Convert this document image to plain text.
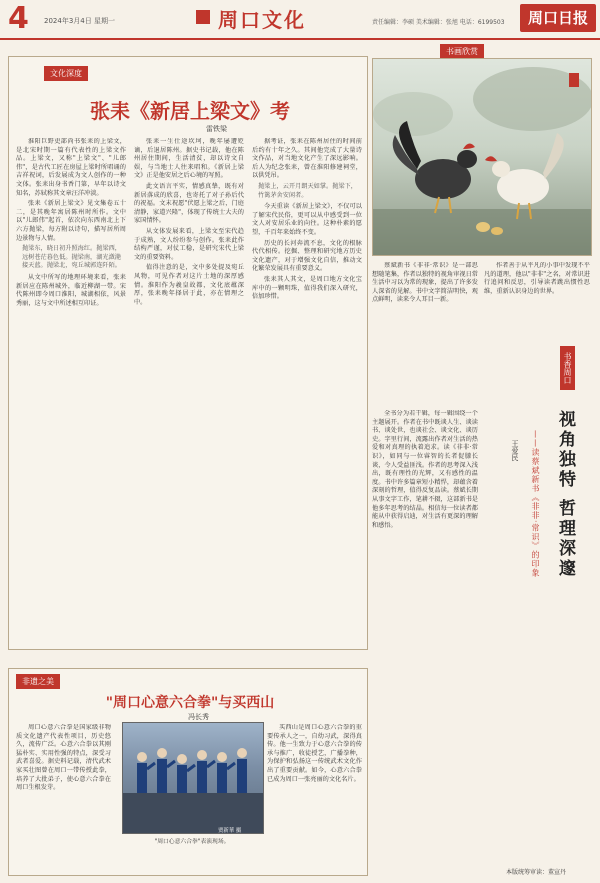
4 2024年3月4日 星期一	周口文化	责任编辑：李硕 美术编辑：张旭 电话：6199503	周口日报
文化深度
张耒《新居上梁文》考
雷铁梁

淮阳巨野吏部尚书张耒的上梁文，是北宋时期一篇有代表性的上梁文作品。上梁文，又称"上梁文"、"儿郎伟"，是古代工匠在房屋上梁时所唱诵的吉祥祝词，后发展成为文人创作的一种文体。张耒出身书香门第，早年以诗文知名，苏轼称其文章汪洋冲淡。

张耒《新居上梁文》见文集卷五十二，是其晚年寓居陈州时所作。文中以"儿郎伟"起首，依次向东西南北上下六方抛梁，每方附以诗句，描写居所周边景物与人情。

抛梁东，晓日初升照海红。抛梁西，远树苍茫暮色低。抛梁南，湖光潋滟接天蓝。抛梁北，宛丘城郭连阡陌。

从文中所写的地理环境来看，张耒新居应在陈州城外，临近柳湖一带。宋代陈州即今周口淮阳，城湖相依，风景秀丽，这与文中所述相互印证。

张耒一生仕途坎坷，晚年屡遭贬谪，后退居陈州。据史书记载，他在陈州居住期间，生活清贫，却以诗文自娱，与当地士人往来唱和。《新居上梁文》正是他安居之后心境的写照。

此文语言平实，情感真挚，既有对新居落成的欣喜，也寄托了对子孙后代的祝福。文末祝愿"伏愿上梁之后，门庭清静，家道兴隆"，体现了传统士大夫的家国情怀。

从文体发展来看，上梁文至宋代趋于成熟，文人纷纷参与创作。张耒此作结构严谨，对仗工稳，是研究宋代上梁文的重要资料。

值得注意的是，文中多处提及宛丘风物，可见作者对这片土地的深厚感情。淮阳作为羲皇故都，文化底蕴深厚，张耒晚年择居于此，亦在情理之中。

据考证，张耒在陈州居住的时间前后约有十年之久。其间他完成了大量诗文作品，对当地文化产生了深远影响。后人为纪念张耒，曾在淮阳修建祠堂，以供凭吊。

抛梁上，云开月朗天如掌。抛梁下，竹篱茅舍安闲者。

今天重读《新居上梁文》，不仅可以了解宋代民俗，更可以从中感受到一位文人对安居乐业的向往。这种朴素的愿望，千百年来始终不变。

历史的长河奔流不息，文化的根脉代代相传。挖掘、整理和研究地方历史文化遗产，对于增强文化自信，推动文化繁荣发展具有重要意义。

张耒其人其文，是周口地方文化宝库中的一颗明珠，值得我们深入研究，倍加珍惜。

书画欣赏
书香周口

蔡斌新书《非非·常识》是一部思想随笔集，作者以独特的视角审视日常生活中习以为常的现象，提出了许多发人深省的见解。书中文字简洁明快，观点鲜明，读来令人耳目一新。

作者善于从平凡的小事中发现不平凡的道理，他以"非非"之名，对常识进行追问和反思，引导读者跳出惯性思维，重新认识身边的世界。

视角独特 哲理深邃
——读蔡斌新书《非非·常识》的印象
王爱民

全书分为若干辑，每一辑围绕一个主题展开。作者在书中既谈人生、谈读书、谈处世，也谈社会、谈文化、谈历史。字里行间，流露出作者对生活的热爱和对真理的执着追求。读《非非·常识》，如同与一位睿智的长者促膝长谈，令人受益匪浅。作者的思考深入浅出，既有理性的光辉，又有感性的温度。书中许多篇章短小精悍，却蕴含着深刻的哲理，值得反复品读。蔡斌长期从事文字工作，笔耕不辍，这部新书是他多年思考的结晶。相信每一位读者都能从中获得启迪，对生活有更深的理解和感悟。

非遗之美
"周口心意六合拳"与买西山
冯长秀

周口心意六合拳是国家级非物质文化遗产代表性项目，历史悠久，流传广泛。心意六合拳以其刚猛朴实、实用性强的特点，深受习武者喜爱。据史料记载，清代武术家买壮图曾在周口一带传授此拳，培养了大批弟子，使心意六合拳在周口生根发芽。

买西山是周口心意六合拳的重要传承人之一，自幼习武，深得真传。他一生致力于心意六合拳的传承与推广，收徒授艺，广播拳种，为保护和弘扬这一传统武术文化作出了重要贡献。如今，心意六合拳已成为周口一张亮丽的文化名片。

贾新華 摄
"周口心意六合拳"表演现场。
本版统筹审读：董宣丹
